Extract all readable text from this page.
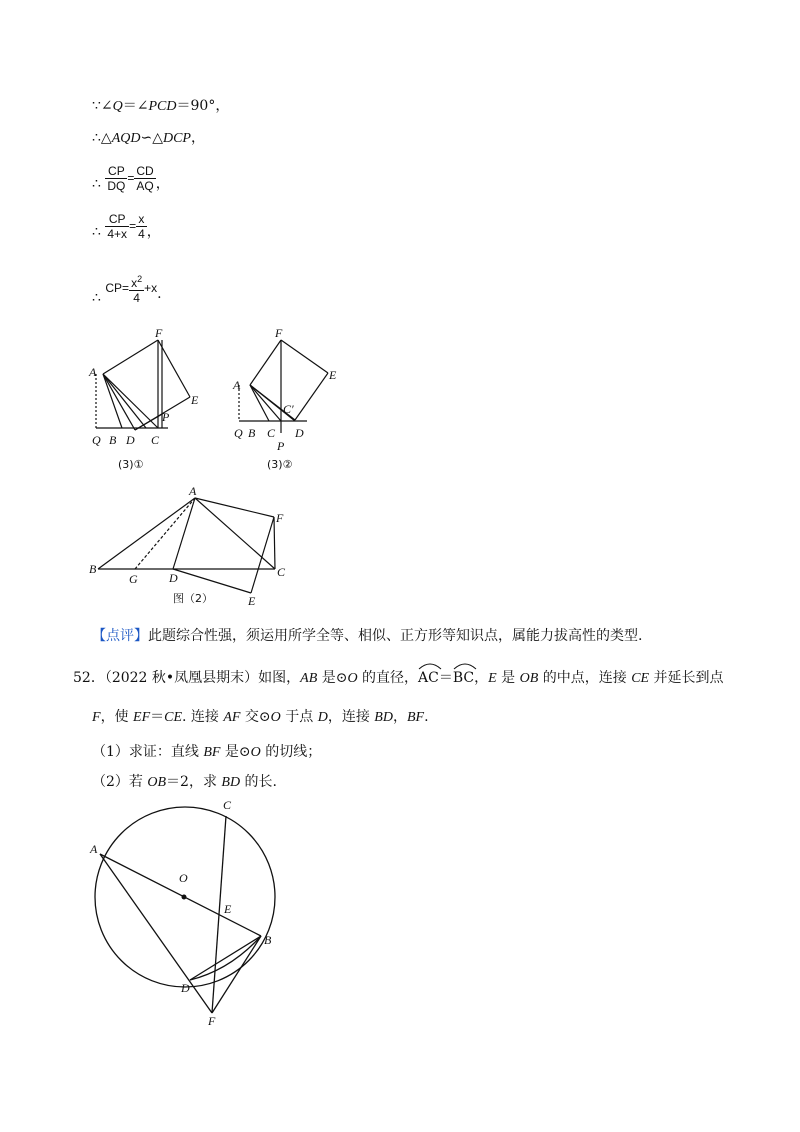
∵∠Q＝∠PCD＝90°，
∴△AQD∽△DCP，
∴ $\frac{CP}{DQ} = \frac{CD}{AQ}$ ，
∴ $\frac{CP}{4+x} = \frac{x}{4}$ ，
∴ $CP= \frac{x^2}{4} +x$.
A
F
E
P
Q B D C
(3)①
A
F
E
C′
Q B C D
P
(3)②
A
F
B
G	D	C
E
图（2）
【点评】此题综合性强，须运用所学全等、相似、正方形等知识点，属能力拔高性的类型.
52．（2022 秋•凤凰县期末）如图，AB 是⊙O 的直径，
AC＝
BC，E 是 OB 的中点，连接 CE 并延长到点
F，使 EF＝CE. 连接 AF 交⊙O 于点 D，连接 BD，BF.
（1）求证：直线 BF 是⊙O 的切线；
（2）若 OB＝2，求 BD 的长.
C
A
O
E
B
D
F
